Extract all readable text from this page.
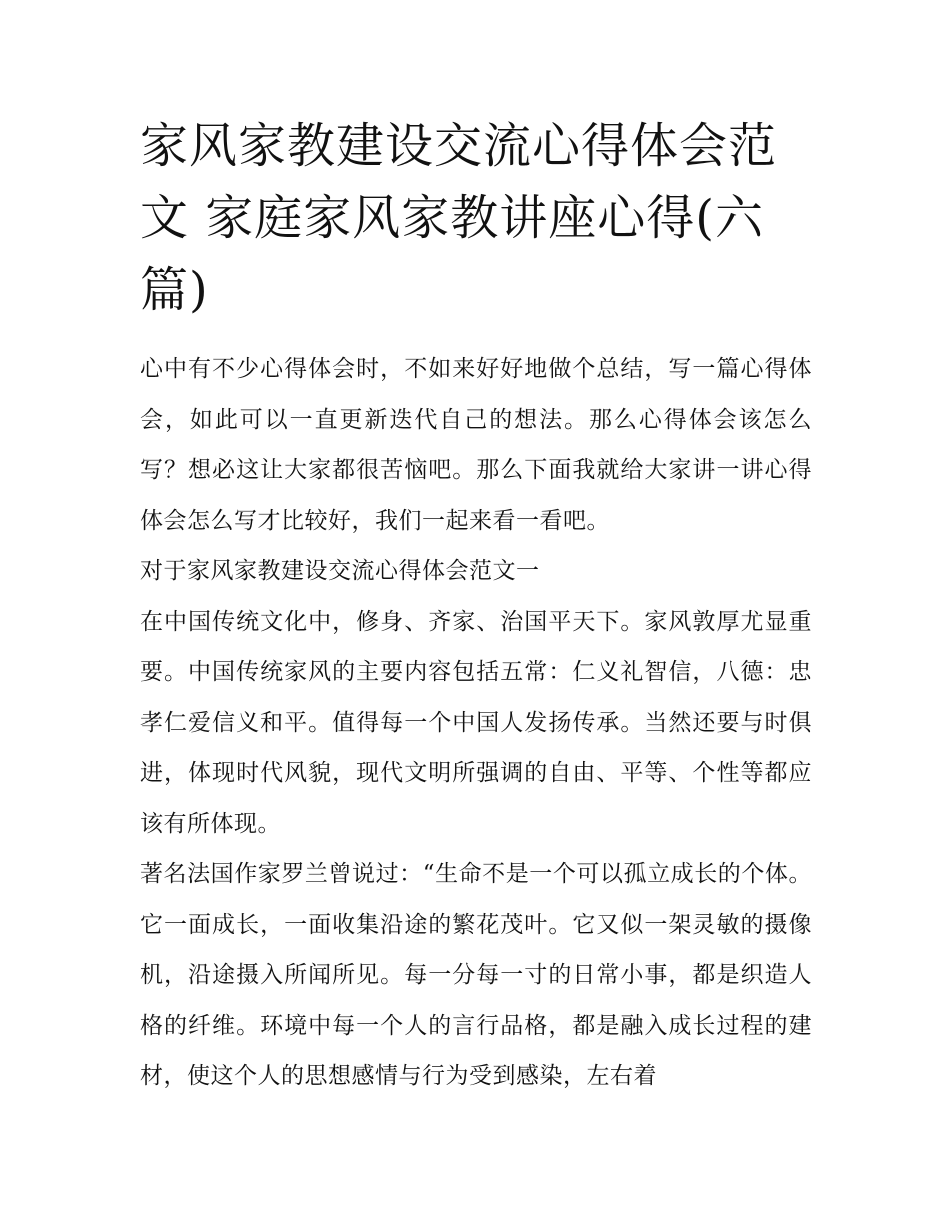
家风家教建设交流心得体会范文 家庭家风家教讲座心得(六篇)

心中有不少心得体会时，不如来好好地做个总结，写一篇心得体会，如此可以一直更新迭代自己的想法。那么心得体会该怎么写？想必这让大家都很苦恼吧。那么下面我就给大家讲一讲心得体会怎么写才比较好，我们一起来看一看吧。

对于家风家教建设交流心得体会范文一

在中国传统文化中，修身、齐家、治国平天下。家风敦厚尤显重要。中国传统家风的主要内容包括五常：仁义礼智信，八德：忠孝仁爱信义和平。值得每一个中国人发扬传承。当然还要与时俱进，体现时代风貌，现代文明所强调的自由、平等、个性等都应该有所体现。

著名法国作家罗兰曾说过：“生命不是一个可以孤立成长的个体。它一面成长，一面收集沿途的繁花茂叶。它又似一架灵敏的摄像机，沿途摄入所闻所见。每一分每一寸的日常小事，都是织造人格的纤维。环境中每一个人的言行品格，都是融入成长过程的建材，使这个人的思想感情与行为受到感染，左右着
